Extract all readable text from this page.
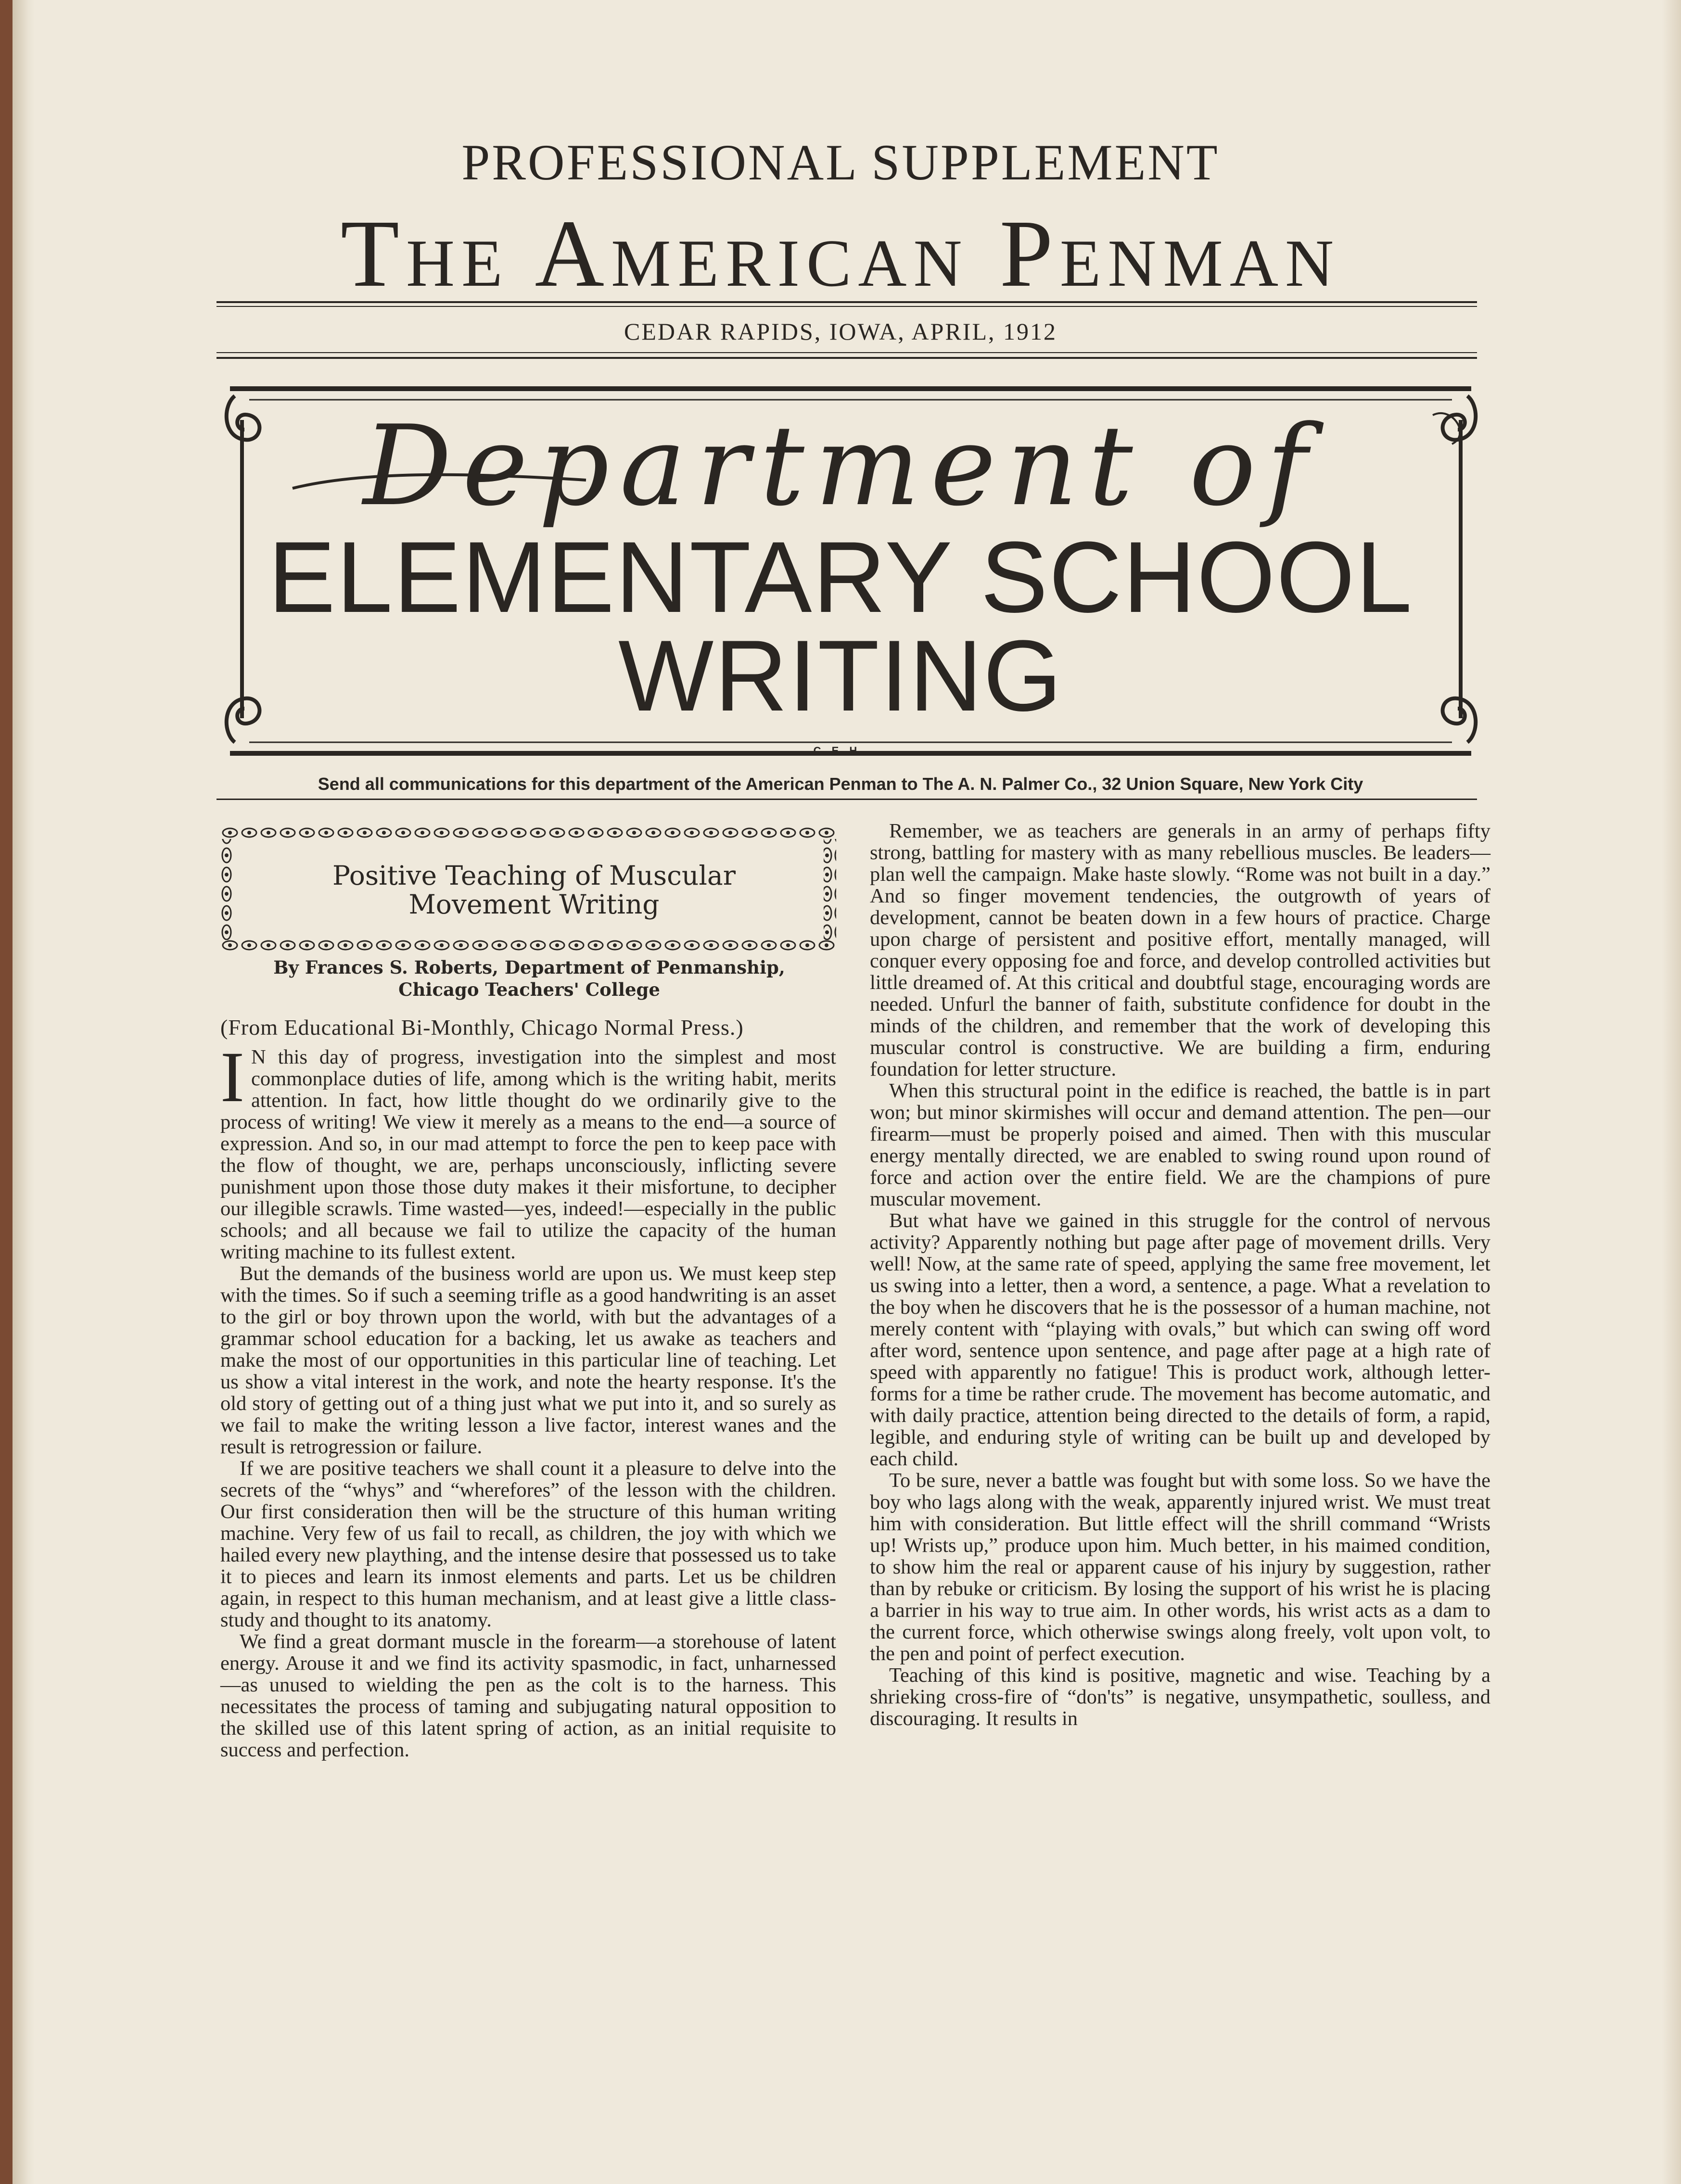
PROFESSIONAL SUPPLEMENT
The American Penman
CEDAR RAPIDS, IOWA, APRIL, 1912
Department of
ELEMENTARY SCHOOL
WRITING
C.E.H.
Send all communications for this department of the American Penman to The A. N. Palmer Co., 32 Union Square, New York City
Positive Teaching of Muscular Movement Writing
By Frances S. Roberts, Department of Penmanship,
Chicago Teachers' College
(From Educational Bi-Monthly, Chicago Normal Press.)

I N this day of progress, investigation into the simplest and most commonplace duties of life, among which is the writing habit, merits attention. In fact, how little thought do we ordinarily give to the process of writing! We view it merely as a means to the end—a source of expression. And so, in our mad attempt to force the pen to keep pace with the flow of thought, we are, perhaps unconsciously, inflicting severe punishment upon those those duty makes it their misfortune, to decipher our illegible scrawls. Time wasted—yes, indeed!—especially in the public schools; and all because we fail to utilize the capacity of the human writing machine to its fullest extent.

But the demands of the business world are upon us. We must keep step with the times. So if such a seeming trifle as a good handwriting is an asset to the girl or boy thrown upon the world, with but the advantages of a grammar school education for a backing, let us awake as teachers and make the most of our opportunities in this particular line of teaching. Let us show a vital interest in the work, and note the hearty response. It's the old story of getting out of a thing just what we put into it, and so surely as we fail to make the writing lesson a live factor, interest wanes and the result is retrogression or failure.

If we are positive teachers we shall count it a pleasure to delve into the secrets of the “whys” and “wherefores” of the lesson with the children. Our first consideration then will be the structure of this human writing machine. Very few of us fail to recall, as children, the joy with which we hailed every new plaything, and the intense desire that possessed us to take it to pieces and learn its inmost elements and parts. Let us be children again, in respect to this human mechanism, and at least give a little class-study and thought to its anatomy.

We find a great dormant muscle in the forearm—a storehouse of latent energy. Arouse it and we find its activity spasmodic, in fact, unharnessed—as unused to wielding the pen as the colt is to the harness. This necessitates the process of taming and subjugating natural opposition to the skilled use of this latent spring of action, as an initial requisite to success and perfection.

Remember, we as teachers are generals in an army of perhaps fifty strong, battling for mastery with as many rebellious muscles. Be leaders—plan well the campaign. Make haste slowly. “Rome was not built in a day.” And so finger movement tendencies, the outgrowth of years of development, cannot be beaten down in a few hours of practice. Charge upon charge of persistent and positive effort, mentally managed, will conquer every opposing foe and force, and develop controlled activities but little dreamed of. At this critical and doubtful stage, encouraging words are needed. Unfurl the banner of faith, substitute confidence for doubt in the minds of the children, and remember that the work of developing this muscular control is constructive. We are building a firm, enduring foundation for letter structure.

When this structural point in the edifice is reached, the battle is in part won; but minor skirmishes will occur and demand attention. The pen—our firearm—must be properly poised and aimed. Then with this muscular energy mentally directed, we are enabled to swing round upon round of force and action over the entire field. We are the champions of pure muscular movement.

But what have we gained in this struggle for the control of nervous activity? Apparently nothing but page after page of movement drills. Very well! Now, at the same rate of speed, applying the same free movement, let us swing into a letter, then a word, a sentence, a page. What a revelation to the boy when he discovers that he is the possessor of a human machine, not merely content with “playing with ovals,” but which can swing off word after word, sentence upon sentence, and page after page at a high rate of speed with apparently no fatigue! This is product work, although letter-forms for a time be rather crude. The movement has become automatic, and with daily practice, attention being directed to the details of form, a rapid, legible, and enduring style of writing can be built up and developed by each child.

To be sure, never a battle was fought but with some loss. So we have the boy who lags along with the weak, apparently injured wrist. We must treat him with consideration. But little effect will the shrill command “Wrists up! Wrists up,” produce upon him. Much better, in his maimed condition, to show him the real or apparent cause of his injury by suggestion, rather than by rebuke or criticism. By losing the support of his wrist he is placing a barrier in his way to true aim. In other words, his wrist acts as a dam to the current force, which otherwise swings along freely, volt upon volt, to the pen and point of perfect execution.

Teaching of this kind is positive, magnetic and wise. Teaching by a shrieking cross-fire of “don'ts” is negative, unsympathetic, soulless, and discouraging. It results in
